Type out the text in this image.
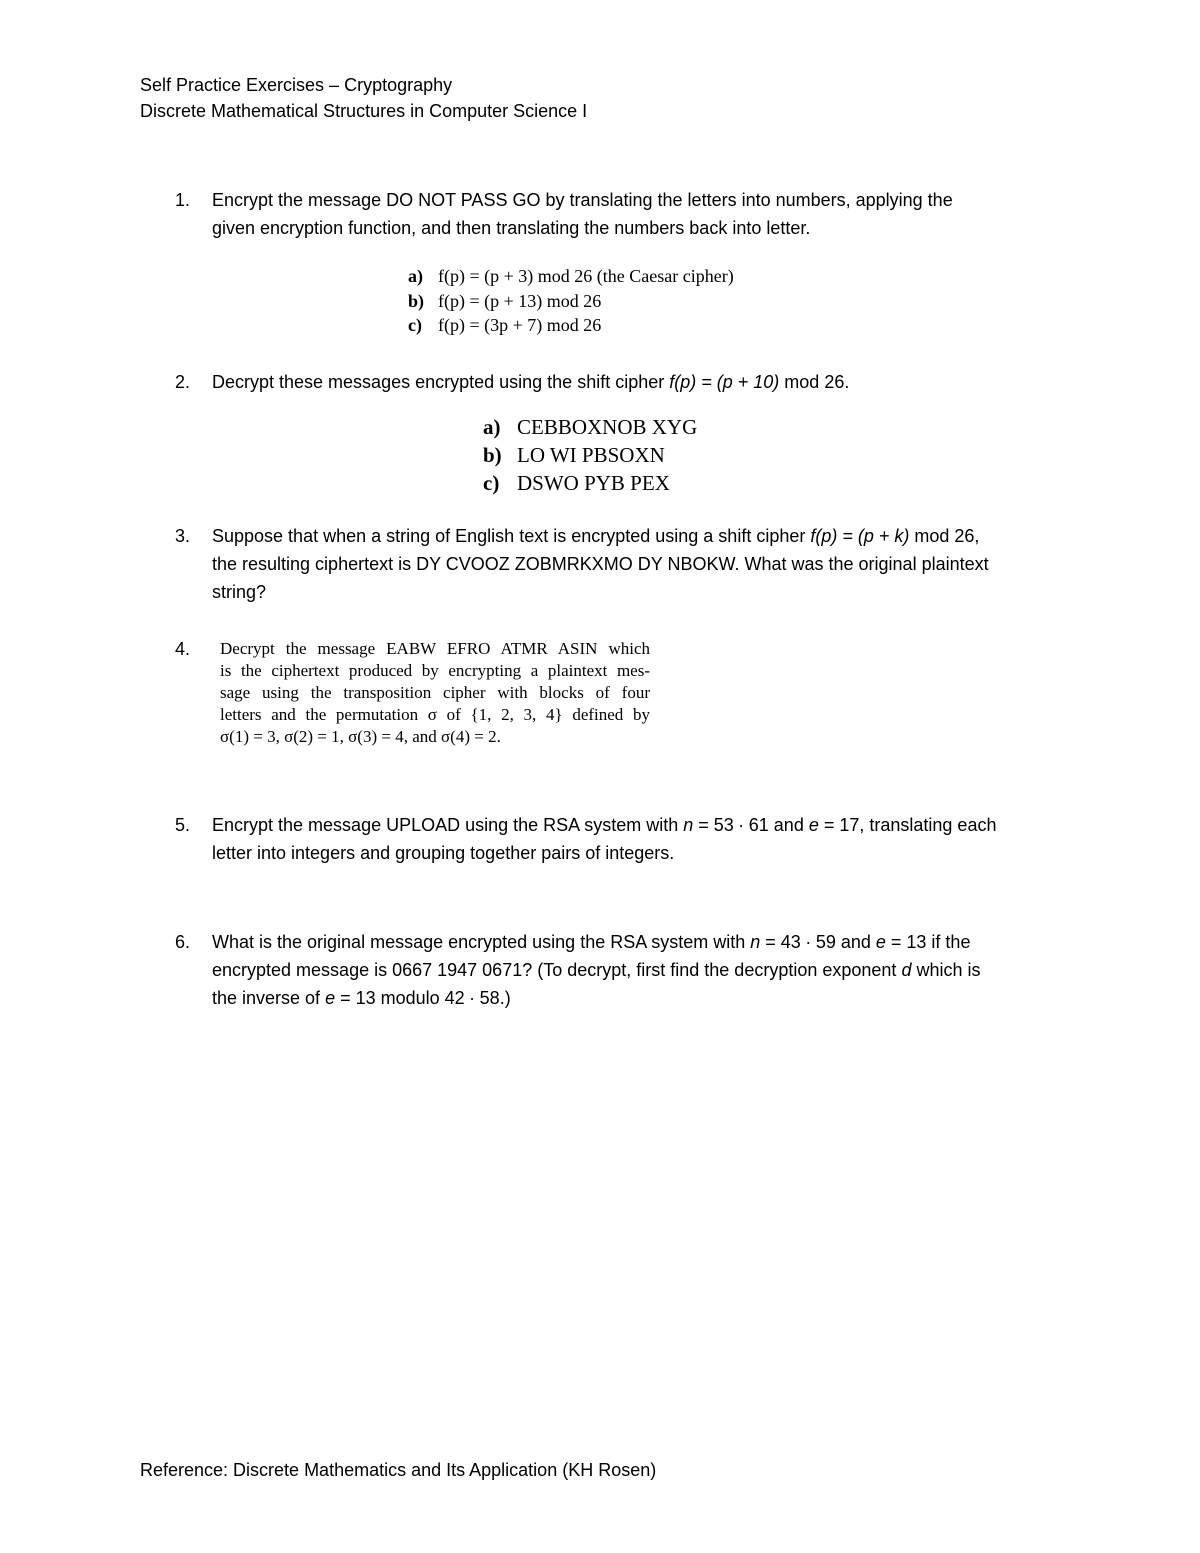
Self Practice Exercises – Cryptography
Discrete Mathematical Structures in Computer Science I
1. Encrypt the message DO NOT PASS GO by translating the letters into numbers, applying the
given encryption function, and then translating the numbers back into letter.
a) f(p) = (p + 3) mod 26 (the Caesar cipher)
b) f(p) = (p + 13) mod 26
c) f(p) = (3p + 7) mod 26
2. Decrypt these messages encrypted using the shift cipher f(p) = (p + 10) mod 26.
a) CEBBOXNOB XYG
b) LO WI PBSOXN
c) DSWO PYB PEX
3. Suppose that when a string of English text is encrypted using a shift cipher f(p) = (p + k) mod 26,
the resulting ciphertext is DY CVOOZ ZOBMRKXMO DY NBOKW. What was the original plaintext
string?
4. Decrypt the message EABW EFRO ATMR ASIN which
is the ciphertext produced by encrypting a plaintext mes-
sage using the transposition cipher with blocks of four
letters and the permutation σ of {1, 2, 3, 4} defined by
σ(1) = 3, σ(2) = 1, σ(3) = 4, and σ(4) = 2.
5. Encrypt the message UPLOAD using the RSA system with n = 53 ∙ 61 and e = 17, translating each
letter into integers and grouping together pairs of integers.
6. What is the original message encrypted using the RSA system with n = 43 ∙ 59 and e = 13 if the
encrypted message is 0667 1947 0671? (To decrypt, first find the decryption exponent d which is
the inverse of e = 13 modulo 42 ∙ 58.)
Reference: Discrete Mathematics and Its Application (KH Rosen)
